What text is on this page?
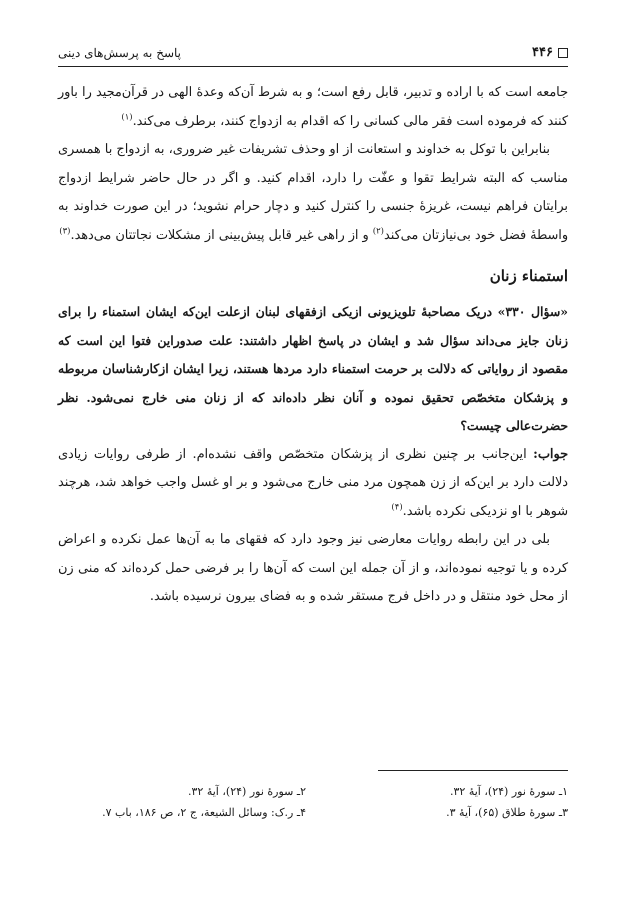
۴۴۶
پاسخ به پرسش‌های دینی

جامعه است که با اراده و تدبیر، قابل رفع است؛ و به شرط آن‌که وعدهٔ الهی در قرآن‌مجید را باور کنند که فرموده است فقر مالی کسانی را که اقدام به ازدواج کنند، برطرف می‌کند.$^{(۱)}$

بنابراین با توکل به خداوند و استعانت از او وحذف تشریفات غیر ضروری، به ازدواج با همسری مناسب که البته شرایط تقوا و عفّت را دارد، اقدام کنید. و اگر در حال حاضر شرایط ازدواج برایتان فراهم نیست، غریزهٔ جنسی را کنترل کنید و دچار حرام نشوید؛ در این صورت خداوند به واسطهٔ فضل خود بی‌نیازتان می‌کند$^{(۲)}$ و از راهی غیر قابل پیش‌بینی از مشکلات نجاتتان می‌دهد.$^{(۳)}$

استمناء زنان

«سؤال ۳۳۰» دریک مصاحبهٔ تلویزیونی ازیکی ازفقهای لبنان ازعلت این‌که ایشان استمناء را برای زنان جایز می‌داند سؤال شد و ایشان در پاسخ اظهار داشتند: علت صدوراین فتوا این است که مقصود از روایاتی که دلالت بر حرمت استمناء دارد مردها هستند، زیرا ایشان ازکارشناسان مربوطه و پزشکان متخصّص تحقیق نموده و آنان نظر داده‌اند که از زنان منی خارج نمی‌شود. نظر حضرت‌عالی چیست؟

جواب: این‌جانب بر چنین نظری از پزشکان متخصّص واقف نشده‌ام. از طرفی روایات زیادی دلالت دارد بر این‌که از زن همچون مرد منی خارج می‌شود و بر او غسل واجب خواهد شد، هرچند شوهر با او نزدیکی نکرده باشد.$^{(۴)}$

بلی در این رابطه روایات معارضی نیز وجود دارد که فقهای ما به آن‌ها عمل نکرده و اعراض کرده و یا توجیه نموده‌اند، و از آن جمله این است که آن‌ها را بر فرضی حمل کرده‌اند که منی زن از محل خود منتقل و در داخل فرج مستقر شده و به فضای بیرون نرسیده باشد.

۱ـ سورهٔ نور (۲۴)، آیهٔ ۳۲.
۲ـ سورهٔ نور (۲۴)، آیهٔ ۳۲.
۳ـ سورهٔ طلاق (۶۵)، آیهٔ ۳.
۴ـ ر.ک: وسائل الشیعة، ج ۲، ص ۱۸۶، باب ۷.
